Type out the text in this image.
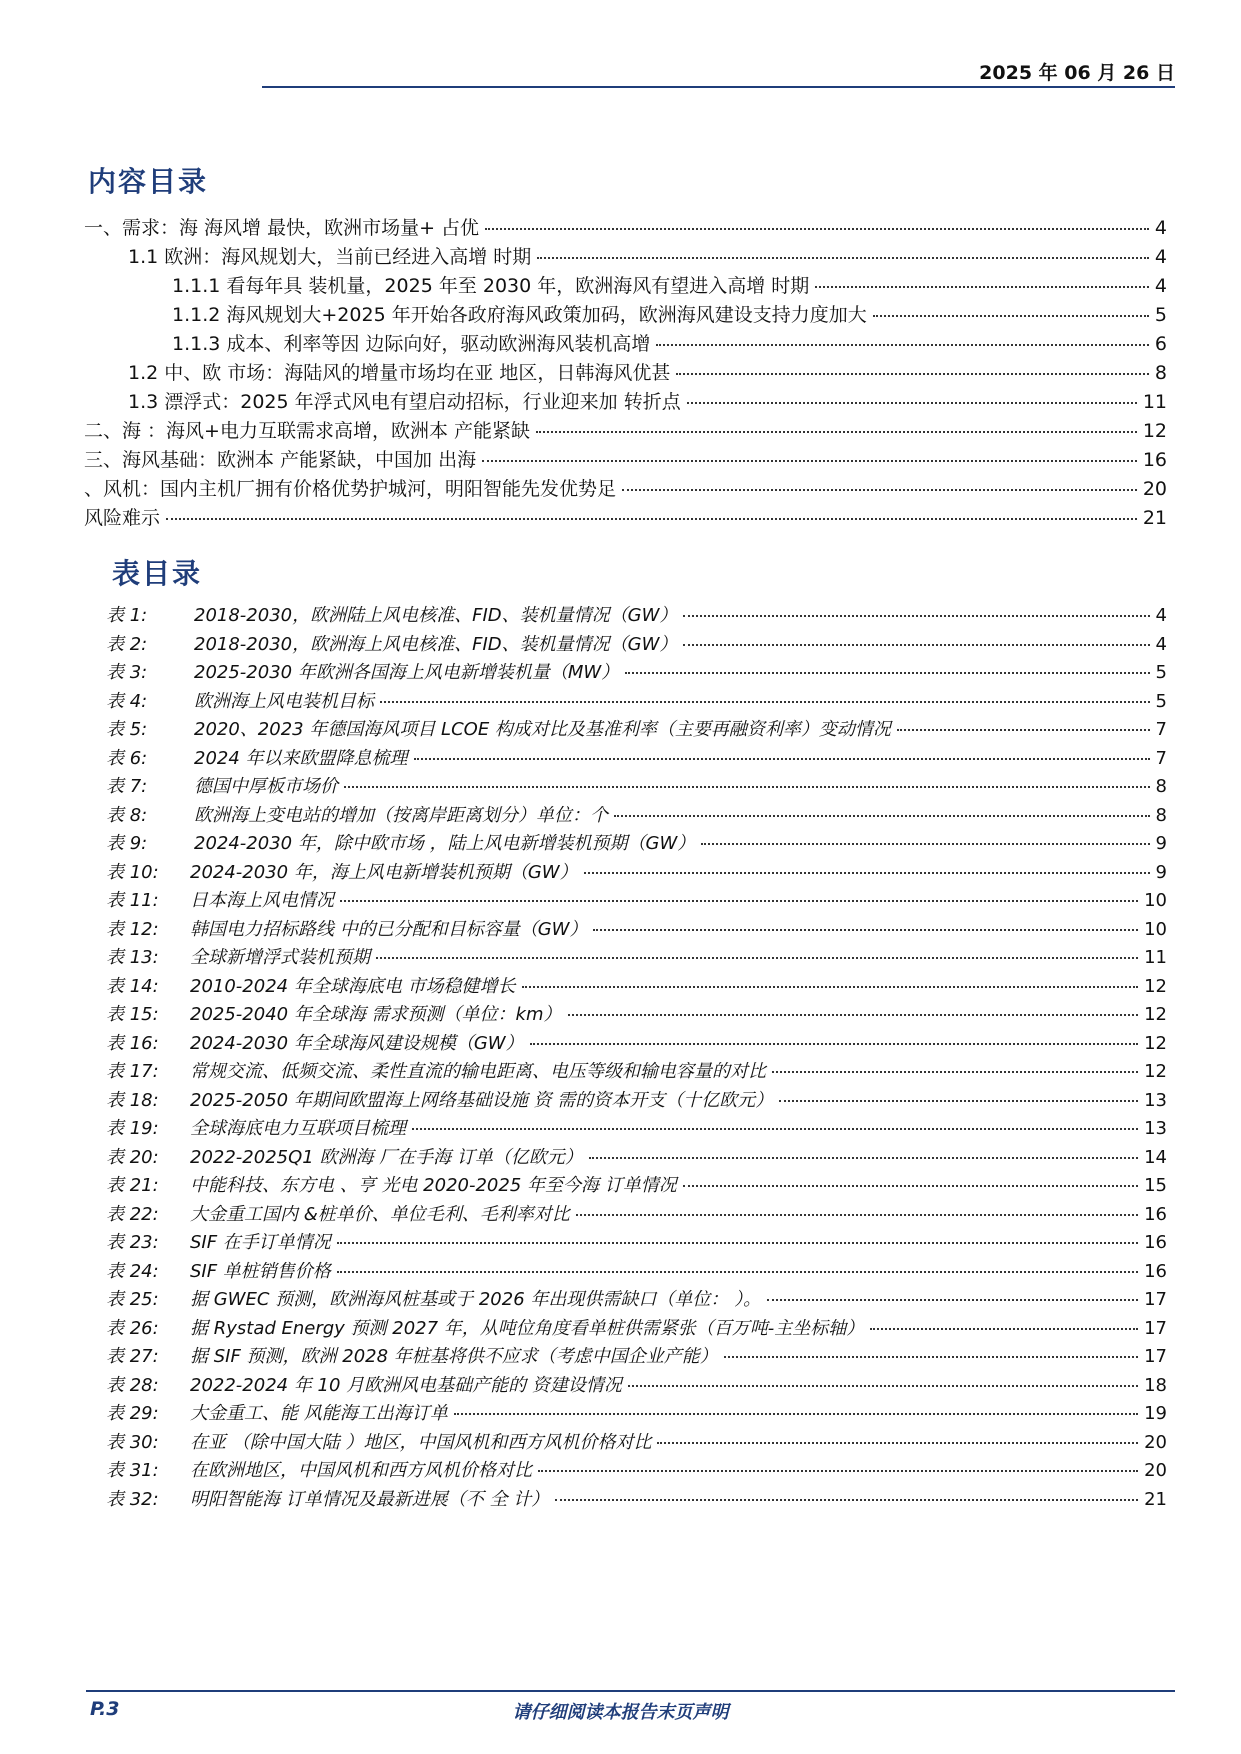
2025 年 06 月 26 日
内容目录
一、需求：海 海风增 最快，欧洲市场量+ 占优	4
1.1 欧洲：海风规划大，当前已经进入高增 时期	4
1.1.1 看每年具 装机量，2025 年至 2030 年，欧洲海风有望进入高增 时期	4
1.1.2 海风规划大+2025 年开始各政府海风政策加码，欧洲海风建设支持力度加大	5
1.1.3 成本、利率等因 边际向好，驱动欧洲海风装机高增	6
1.2 中、欧 市场：海陆风的增量市场均在亚 地区，日韩海风优甚	8
1.3 漂浮式：2025 年浮式风电有望启动招标，行业迎来加 转折点	11
二、海 ：海风+电力互联需求高增，欧洲本 产能紧缺	12
三、海风基础：欧洲本 产能紧缺，中国加 出海	16
、风机：国内主机厂拥有价格优势护城河，明阳智能先发优势足	20
风险难示	21
表目录
表 1:	2018-2030，欧洲陆上风电核准、FID、装机量情况（GW）	4
表 2:	2018-2030，欧洲海上风电核准、FID、装机量情况（GW）	4
表 3:	2025-2030 年欧洲各国海上风电新增装机量（MW）	5
表 4:	欧洲海上风电装机目标	5
表 5:	2020、2023 年德国海风项目 LCOE 构成对比及基准利率（主要再融资利率）变动情况	7
表 6:	2024 年以来欧盟降息梳理	7
表 7:	德国中厚板市场价	8
表 8:	欧洲海上变电站的增加（按离岸距离划分）单位：个	8
表 9:	2024-2030 年，除中欧市场 ，陆上风电新增装机预期（GW）	9
表 10:	2024-2030 年，海上风电新增装机预期（GW）	9
表 11:	日本海上风电情况	10
表 12:	韩国电力招标路线 中的已分配和目标容量（GW）	10
表 13:	全球新增浮式装机预期	11
表 14:	2010-2024 年全球海底电 市场稳健增长	12
表 15:	2025-2040 年全球海 需求预测（单位：km）	12
表 16:	2024-2030 年全球海风建设规模（GW）	12
表 17:	常规交流、低频交流、柔性直流的输电距离、电压等级和输电容量的对比	12
表 18:	2025-2050 年期间欧盟海上网络基础设施 资 需的资本开支（十亿欧元）	13
表 19:	全球海底电力互联项目梳理	13
表 20:	2022-2025Q1 欧洲海 厂在手海 订单（亿欧元）	14
表 21:	中能科技、东方电 、亨 光电 2020-2025 年至今海 订单情况	15
表 22:	大金重工国内 &桩单价、单位毛利、毛利率对比	16
表 23:	SIF 在手订单情况	16
表 24:	SIF 单桩销售价格	16
表 25:	据 GWEC 预测，欧洲海风桩基或于 2026 年出现供需缺口（单位： ）。	17
表 26:	据 Rystad Energy 预测 2027 年，从吨位角度看单桩供需紧张（百万吨-主坐标轴）	17
表 27:	据 SIF 预测，欧洲 2028 年桩基将供不应求（考虑中国企业产能）	17
表 28:	2022-2024 年 10 月欧洲风电基础产能的 资建设情况	18
表 29:	大金重工、能 风能海工出海订单	19
表 30:	在亚 （除中国大陆 ）地区，中国风机和西方风机价格对比	20
表 31:	在欧洲地区，中国风机和西方风机价格对比	20
表 32:	明阳智能海 订单情况及最新进展（不 全 计）	21
P.3	请仔细阅读本报告末页声明
